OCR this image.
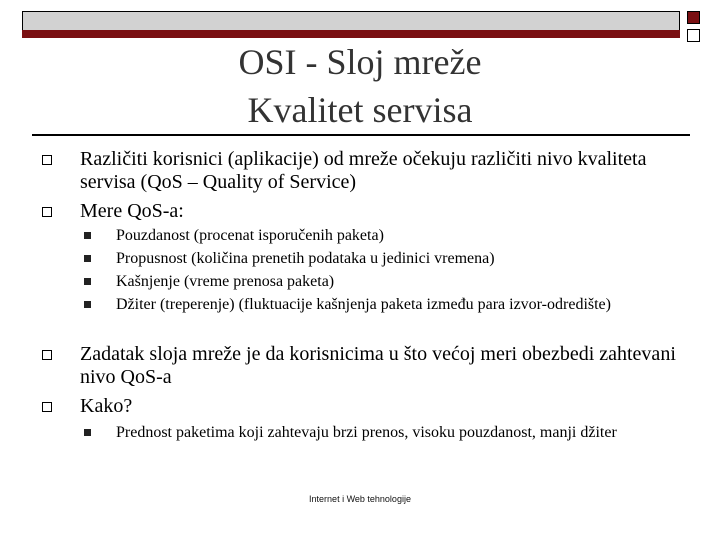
OSI - Sloj mreže
Kvalitet servisa
Različiti korisnici (aplikacije) od mreže očekuju različiti nivo kvaliteta servisa (QoS – Quality of Service)
Mere QoS-a:
Pouzdanost (procenat isporučenih paketa)
Propusnost (količina prenetih podataka u jedinici vremena)
Kašnjenje (vreme prenosa paketa)
Džiter (treperenje) (fluktuacije kašnjenja paketa između para izvor-odredište)
Zadatak sloja mreže je da korisnicima u što većoj meri obezbedi zahtevani nivo QoS-a
Kako?
Prednost paketima koji zahtevaju brzi prenos, visoku pouzdanost, manji džiter
Internet i Web tehnologije
